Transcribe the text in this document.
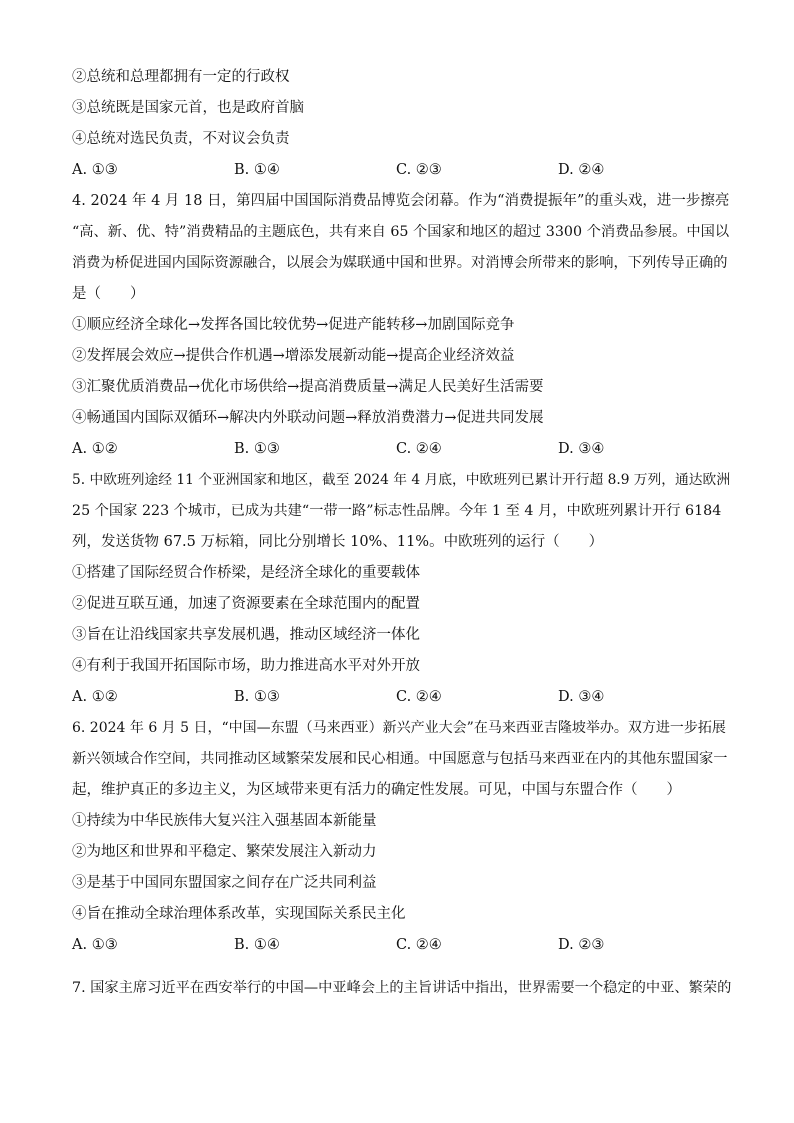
②总统和总理都拥有一定的行政权
③总统既是国家元首，也是政府首脑
④总统对选民负责，不对议会负责
A. ①③	B. ①④	C. ②③	D. ②④
4. 2024 年 4 月 18 日，第四届中国国际消费品博览会闭幕。作为“消费提振年”的重头戏，进一步擦亮
“高、新、优、特”消费精品的主题底色，共有来自 65 个国家和地区的超过 3300 个消费品参展。中国以
消费为桥促进国内国际资源融合，以展会为媒联通中国和世界。对消博会所带来的影响，下列传导正确的
是（　　）
①顺应经济全球化→发挥各国比较优势→促进产能转移→加剧国际竞争
②发挥展会效应→提供合作机遇→增添发展新动能→提高企业经济效益
③汇聚优质消费品→优化市场供给→提高消费质量→满足人民美好生活需要
④畅通国内国际双循环→解决内外联动问题→释放消费潜力→促进共同发展
A. ①②	B. ①③	C. ②④	D. ③④
5. 中欧班列途经 11 个亚洲国家和地区，截至 2024 年 4 月底，中欧班列已累计开行超 8.9 万列，通达欧洲
25 个国家 223 个城市，已成为共建“一带一路”标志性品牌。今年 1 至 4 月，中欧班列累计开行 6184
列，发送货物 67.5 万标箱，同比分别增长 10%、11%。中欧班列的运行（　　）
①搭建了国际经贸合作桥梁，是经济全球化的重要载体
②促进互联互通，加速了资源要素在全球范围内的配置
③旨在让沿线国家共享发展机遇，推动区域经济一体化
④有利于我国开拓国际市场，助力推进高水平对外开放
A. ①②	B. ①③	C. ②④	D. ③④
6. 2024 年 6 月 5 日，“中国—东盟（马来西亚）新兴产业大会”在马来西亚吉隆坡举办。双方进一步拓展
新兴领域合作空间，共同推动区域繁荣发展和民心相通。中国愿意与包括马来西亚在内的其他东盟国家一
起，维护真正的多边主义，为区域带来更有活力的确定性发展。可见，中国与东盟合作（　　）
①持续为中华民族伟大复兴注入强基固本新能量
②为地区和世界和平稳定、繁荣发展注入新动力
③是基于中国同东盟国家之间存在广泛共同利益
④旨在推动全球治理体系改革，实现国际关系民主化
A. ①③	B. ①④	C. ②④	D. ②③
7. 国家主席习近平在西安举行的中国—中亚峰会上的主旨讲话中指出，世界需要一个稳定的中亚、繁荣的
